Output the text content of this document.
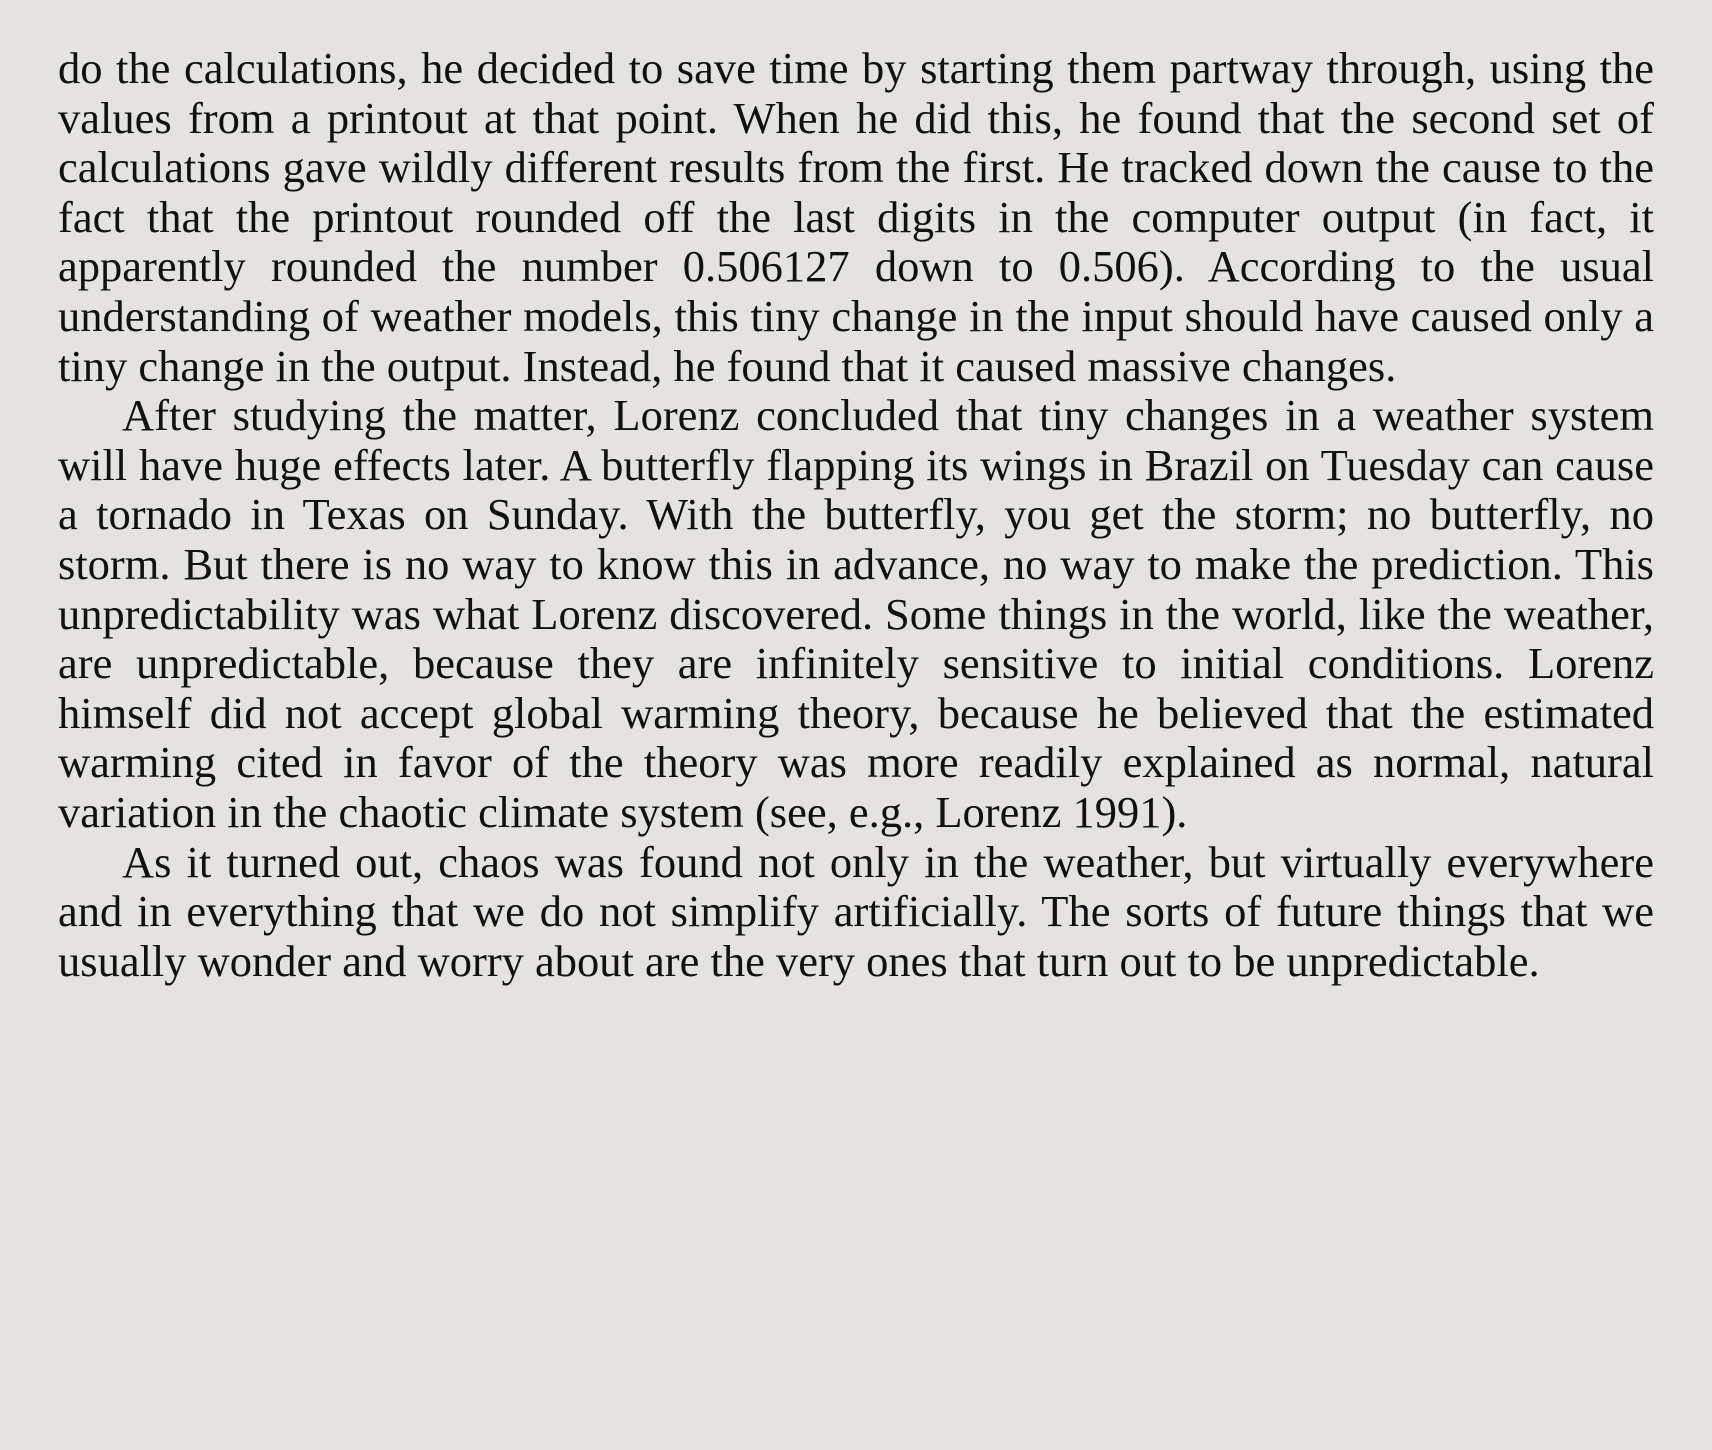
do the calculations, he decided to save time by starting them partway through, using the values from a printout at that point. When he did this, he found that the second set of calculations gave wildly different results from the first. He tracked down the cause to the fact that the printout rounded off the last digits in the computer output (in fact, it apparently rounded the number 0.506127 down to 0.506). According to the usual understanding of weather models, this tiny change in the input should have caused only a tiny change in the output. Instead, he found that it caused massive changes.

After studying the matter, Lorenz concluded that tiny changes in a weather system will have huge effects later. A butterfly flapping its wings in Brazil on Tuesday can cause a tornado in Texas on Sunday. With the butterfly, you get the storm; no butterfly, no storm. But there is no way to know this in advance, no way to make the prediction. This unpredictability was what Lorenz discovered. Some things in the world, like the weather, are unpredictable, because they are infinitely sensitive to initial conditions. Lorenz himself did not accept global warming theory, because he believed that the estimated warming cited in favor of the theory was more readily explained as normal, natural variation in the chaotic climate system (see, e.g., Lorenz 1991).

As it turned out, chaos was found not only in the weather, but virtually everywhere and in everything that we do not simplify artificially. The sorts of future things that we usually wonder and worry about are the very ones that turn out to be unpredictable.
